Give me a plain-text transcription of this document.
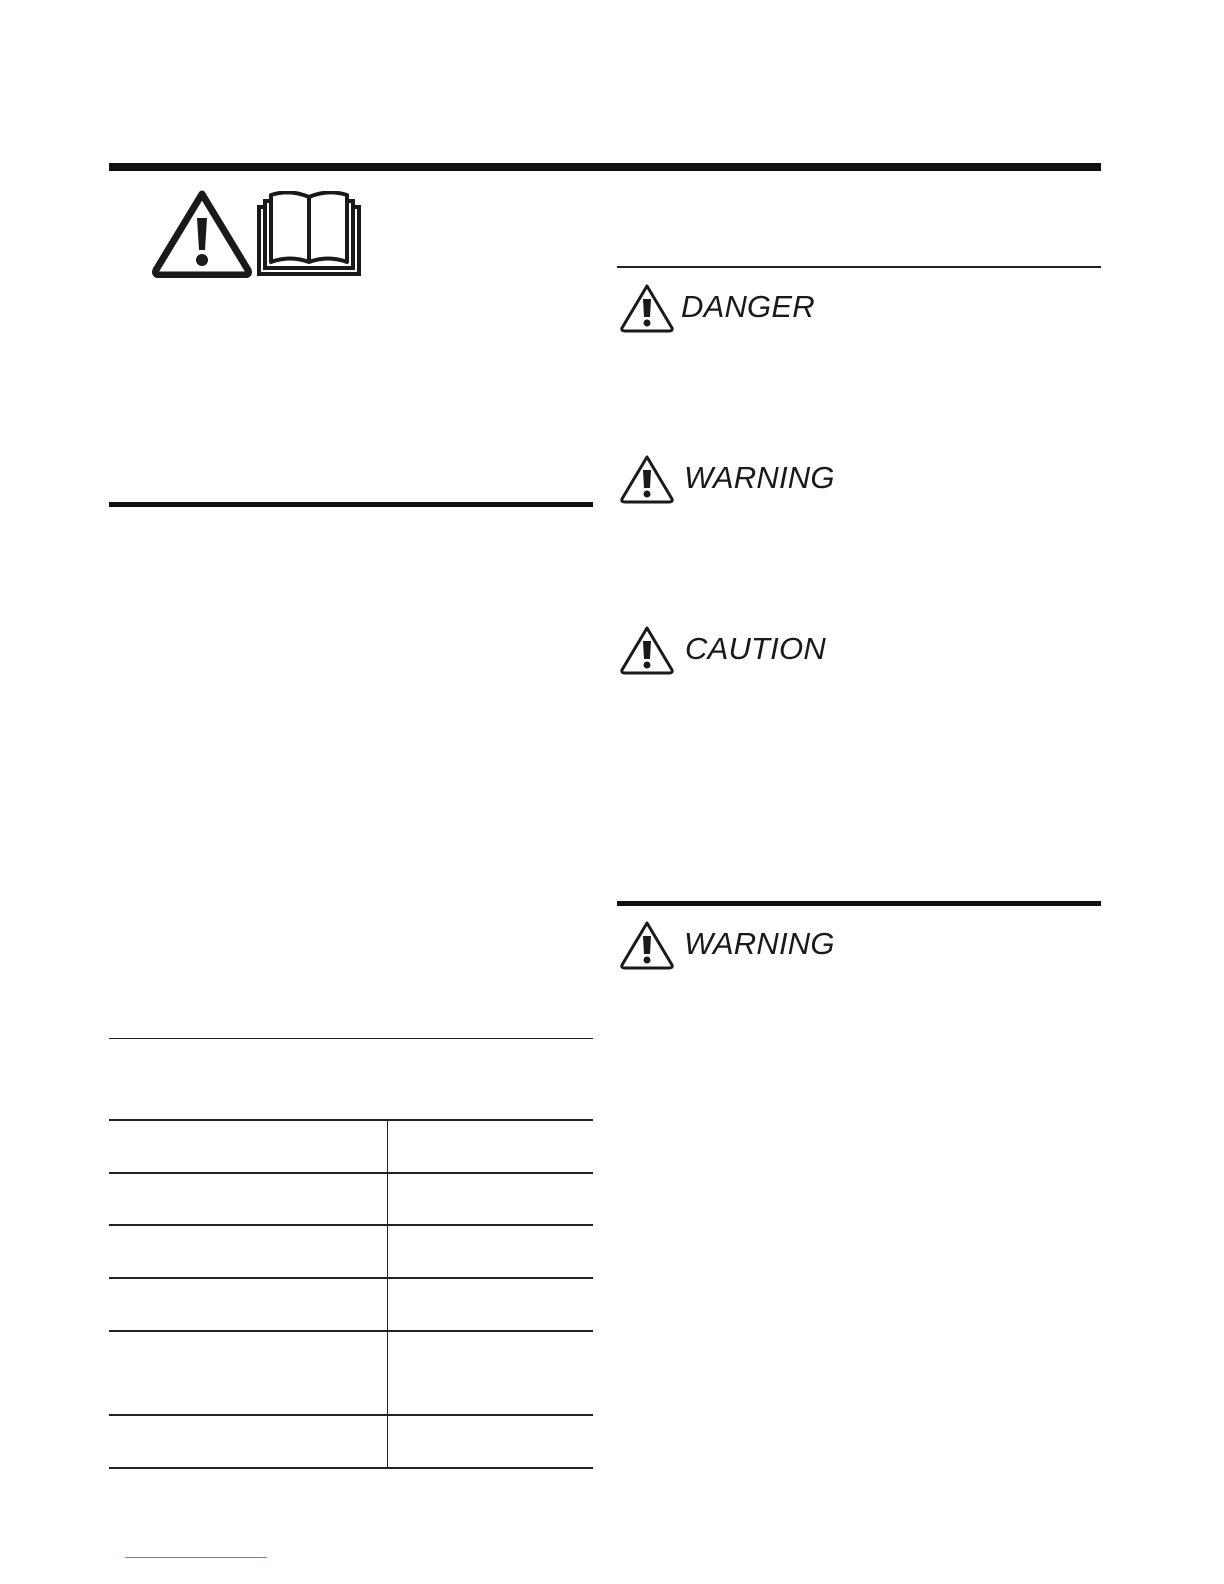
DANGER
WARNING
CAUTION
WARNING
